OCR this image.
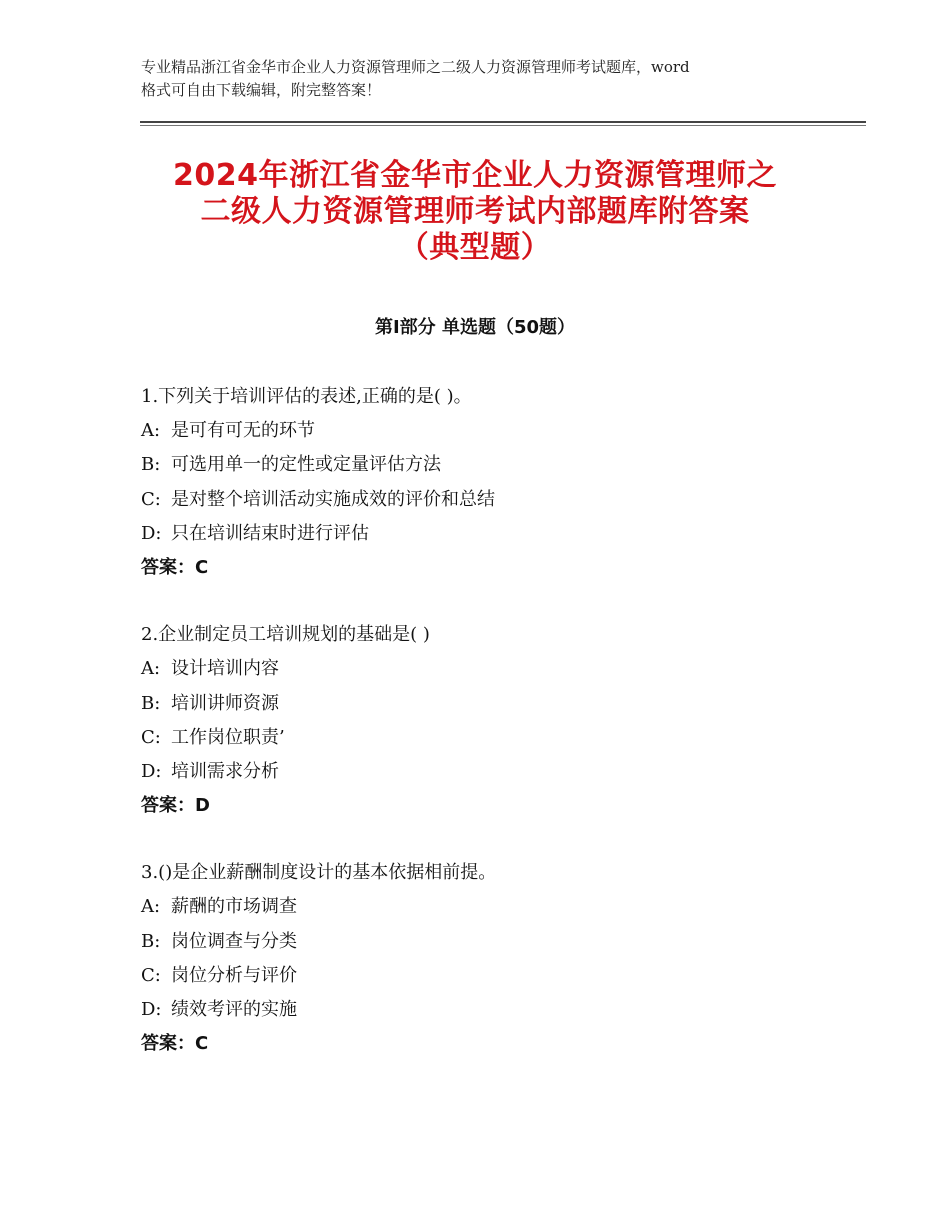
专业精品浙江省金华市企业人力资源管理师之二级人力资源管理师考试题库，word
格式可自由下载编辑，附完整答案！
2024年浙江省金华市企业人力资源管理师之
二级人力资源管理师考试内部题库附答案
（典型题）
第Ⅰ部分 单选题（50题）
1.下列关于培训评估的表述,正确的是( )。
A: 是可有可无的环节
B: 可选用单一的定性或定量评估方法
C: 是对整个培训活动实施成效的评价和总结
D: 只在培训结束时进行评估
答案：C
2.企业制定员工培训规划的基础是( )
A: 设计培训内容
B: 培训讲师资源
C: 工作岗位职责’
D: 培训需求分析
答案：D
3.()是企业薪酬制度设计的基本依据相前提。
A: 薪酬的市场调查
B: 岗位调查与分类
C: 岗位分析与评价
D: 绩效考评的实施
答案：C
